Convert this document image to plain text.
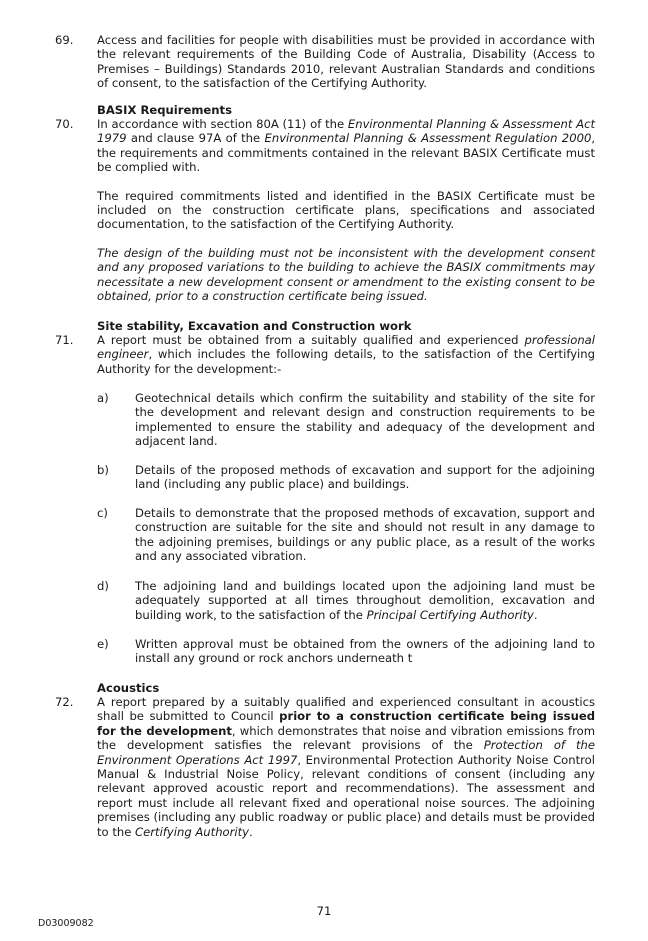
69. Access and facilities for people with disabilities must be provided in accordance with the relevant requirements of the Building Code of Australia, Disability (Access to Premises – Buildings) Standards 2010, relevant Australian Standards and conditions of consent, to the satisfaction of the Certifying Authority.
BASIX Requirements
70. In accordance with section 80A (11) of the Environmental Planning & Assessment Act 1979 and clause 97A of the Environmental Planning & Assessment Regulation 2000, the requirements and commitments contained in the relevant BASIX Certificate must be complied with.

The required commitments listed and identified in the BASIX Certificate must be included on the construction certificate plans, specifications and associated documentation, to the satisfaction of the Certifying Authority.

The design of the building must not be inconsistent with the development consent and any proposed variations to the building to achieve the BASIX commitments may necessitate a new development consent or amendment to the existing consent to be obtained, prior to a construction certificate being issued.

Site stability, Excavation and Construction work
71. A report must be obtained from a suitably qualified and experienced professional engineer, which includes the following details, to the satisfaction of the Certifying Authority for the development:-
a) Geotechnical details which confirm the suitability and stability of the site for the development and relevant design and construction requirements to be implemented to ensure the stability and adequacy of the development and adjacent land.
b) Details of the proposed methods of excavation and support for the adjoining land (including any public place) and buildings.
c) Details to demonstrate that the proposed methods of excavation, support and construction are suitable for the site and should not result in any damage to the adjoining premises, buildings or any public place, as a result of the works and any associated vibration.
d) The adjoining land and buildings located upon the adjoining land must be adequately supported at all times throughout demolition, excavation and building work, to the satisfaction of the Principal Certifying Authority.
e) Written approval must be obtained from the owners of the adjoining land to install any ground or rock anchors underneath t
Acoustics
72. A report prepared by a suitably qualified and experienced consultant in acoustics shall be submitted to Council prior to a construction certificate being issued for the development, which demonstrates that noise and vibration emissions from the development satisfies the relevant provisions of the Protection of the Environment Operations Act 1997, Environmental Protection Authority Noise Control Manual & Industrial Noise Policy, relevant conditions of consent (including any relevant approved acoustic report and recommendations). The assessment and report must include all relevant fixed and operational noise sources. The adjoining premises (including any public roadway or public place) and details must be provided to the Certifying Authority.
71
D03009082
